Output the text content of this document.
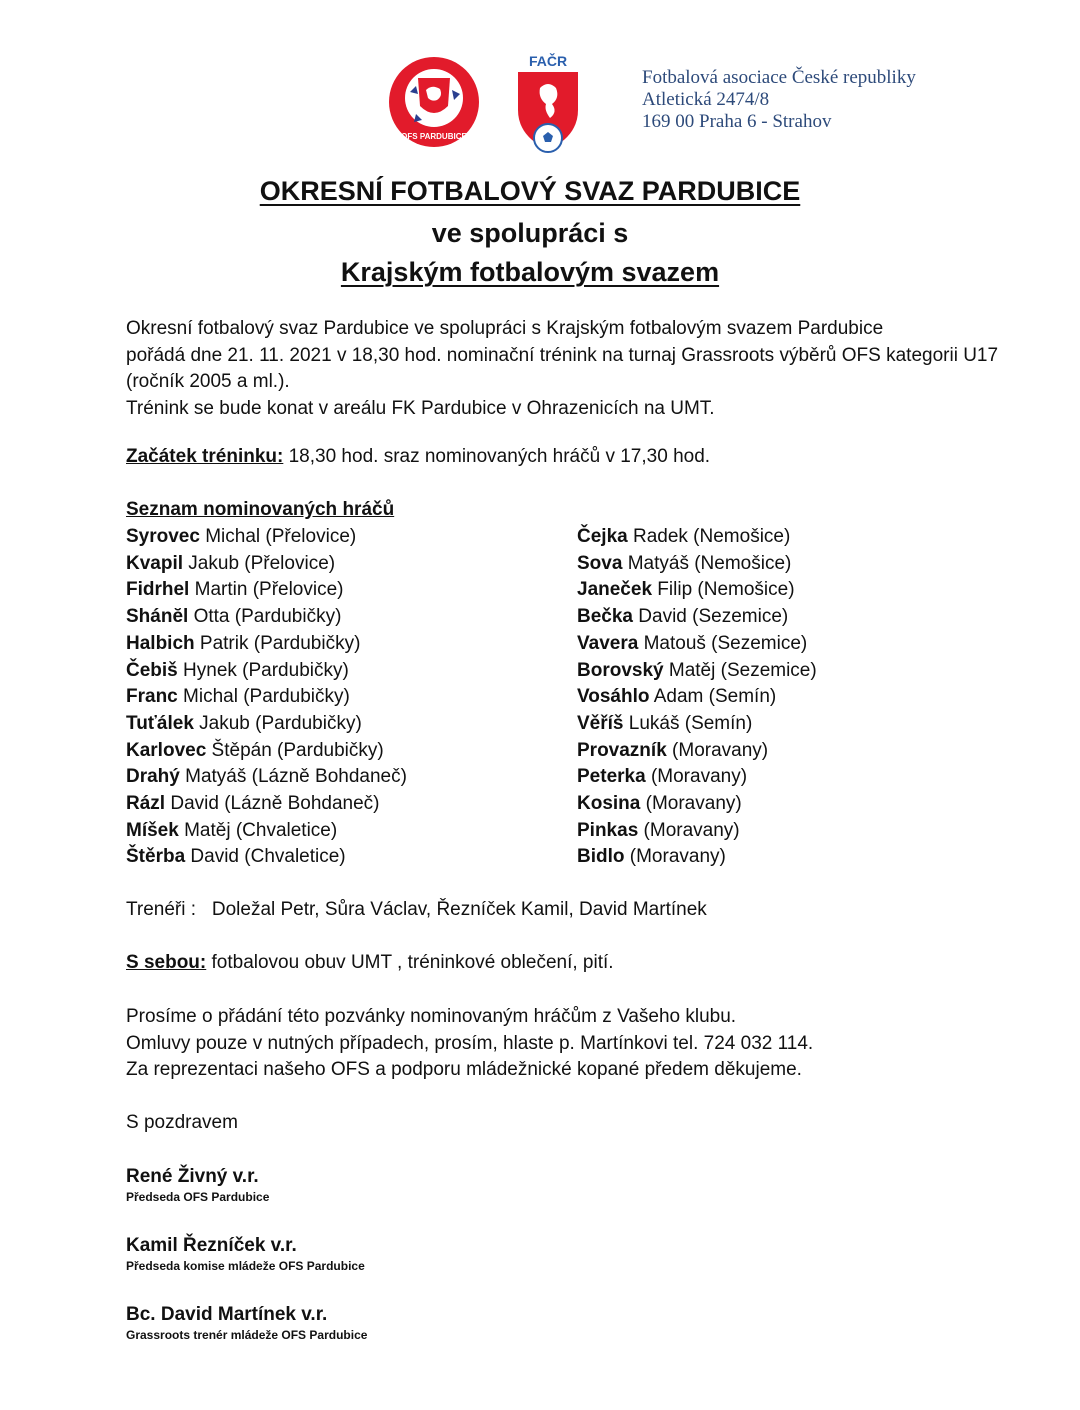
OFS PARDUBICE
FAČR
Fotbalová asociace České republiky
Atletická 2474/8
169 00 Praha 6 - Strahov
OKRESNÍ FOTBALOVÝ SVAZ PARDUBICE
ve spolupráci s
Krajským fotbalovým svazem
Okresní fotbalový svaz Pardubice ve spolupráci s Krajským fotbalovým svazem Pardubice
pořádá dne 21. 11. 2021 v 18,30 hod. nominační trénink na turnaj Grassroots výběrů OFS kategorii U17
(ročník 2005 a ml.).
Trénink se bude konat v areálu FK Pardubice v Ohrazenicích na UMT.
Začátek tréninku: 18,30 hod. sraz nominovaných hráčů v 17,30 hod.
Seznam nominovaných hráčů
Syrovec Michal (Přelovice)
Kvapil Jakub (Přelovice)
Fidrhel Martin (Přelovice)
Shánĕl Otta (Pardubičky)
Halbich Patrik (Pardubičky)
Čebiš Hynek (Pardubičky)
Franc Michal (Pardubičky)
Tuťálek Jakub (Pardubičky)
Karlovec Štěpán (Pardubičky)
Drahý Matyáš (Lázně Bohdaneč)
Rázl David (Lázně Bohdaneč)
Míšek Matěj (Chvaletice)
Štěrba David (Chvaletice)
Čejka Radek (Nemošice)
Sova Matyáš (Nemošice)
Janeček Filip (Nemošice)
Bečka David (Sezemice)
Vavera Matouš (Sezemice)
Borovský Matěj (Sezemice)
Vosáhlo Adam (Semín)
Věříš Lukáš (Semín)
Provazník (Moravany)
Peterka (Moravany)
Kosina (Moravany)
Pinkas (Moravany)
Bidlo (Moravany)
Trenéři :   Doležal Petr, Sůra Václav, Řezníček Kamil, David Martínek
S sebou: fotbalovou obuv UMT , tréninkové oblečení, pití.
Prosíme o přádání této pozvánky nominovaným hráčům z Vašeho klubu.
Omluvy pouze v nutných případech, prosím, hlaste p. Martínkovi tel. 724 032 114.
Za reprezentaci našeho OFS a podporu mládežnické kopané předem děkujeme.
S pozdravem
René Živný v.r.
Předseda OFS Pardubice
Kamil Řezníček v.r.
Předseda komise mládeže OFS Pardubice
Bc. David Martínek v.r.
Grassroots trenér mládeže OFS Pardubice
